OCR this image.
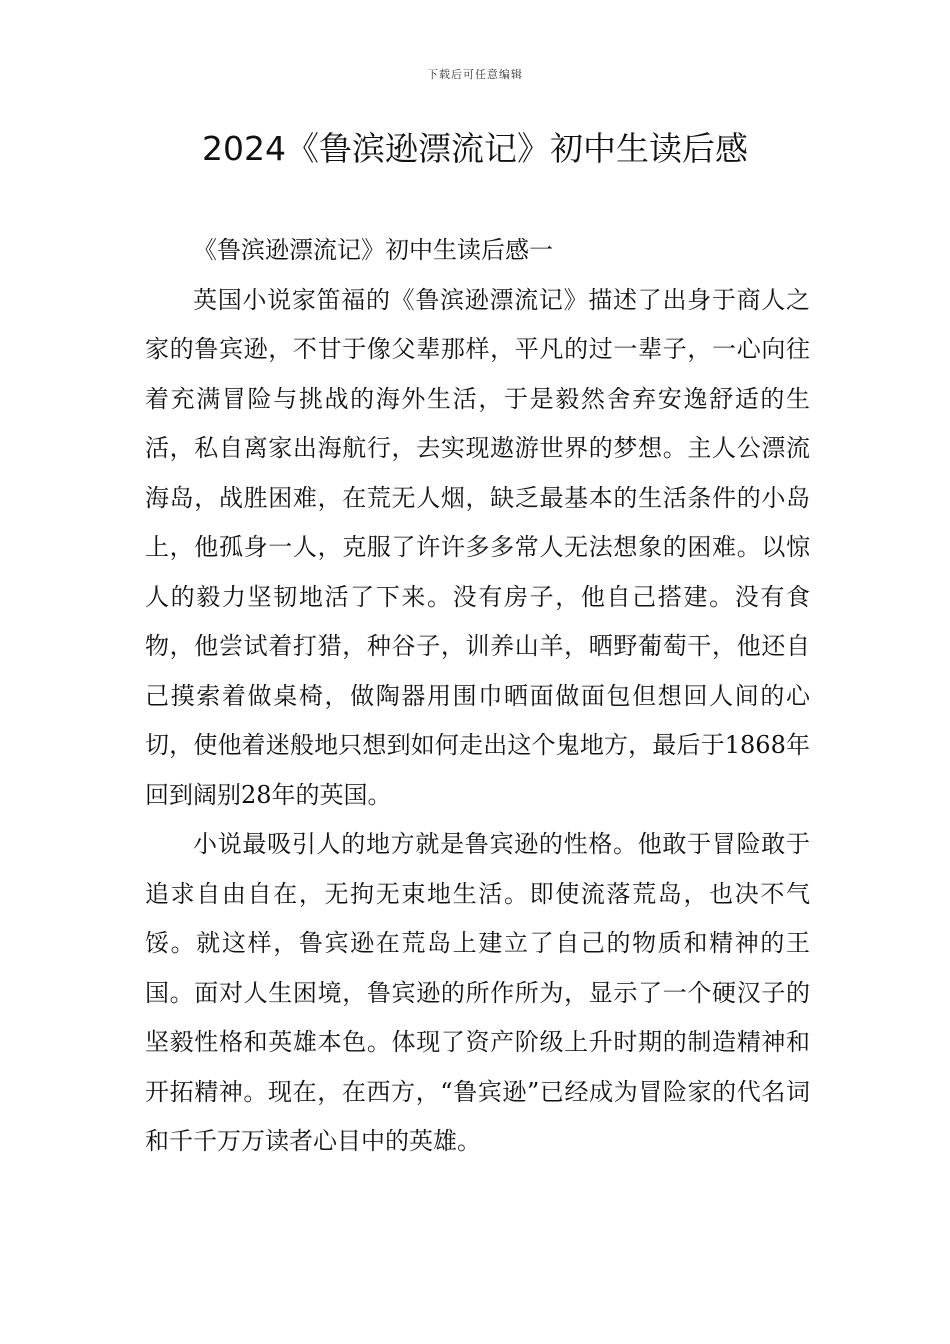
下载后可任意编辑
2024《鲁滨逊漂流记》初中生读后感

《鲁滨逊漂流记》初中生读后感一

英国小说家笛福的《鲁滨逊漂流记》描述了出身于商人之家的鲁宾逊，不甘于像父辈那样，平凡的过一辈子，一心向往着充满冒险与挑战的海外生活，于是毅然舍弃安逸舒适的生活，私自离家出海航行，去实现遨游世界的梦想。主人公漂流海岛，战胜困难，在荒无人烟，缺乏最基本的生活条件的小岛上，他孤身一人，克服了许许多多常人无法想象的困难。以惊人的毅力坚韧地活了下来。没有房子，他自己搭建。没有食物，他尝试着打猎，种谷子，训养山羊，晒野葡萄干，他还自己摸索着做桌椅，做陶器用围巾晒面做面包但想回人间的心切，使他着迷般地只想到如何走出这个鬼地方，最后于1868年回到阔别28年的英国。

小说最吸引人的地方就是鲁宾逊的性格。他敢于冒险敢于追求自由自在，无拘无束地生活。即使流落荒岛，也决不气馁。就这样，鲁宾逊在荒岛上建立了自己的物质和精神的王国。面对人生困境，鲁宾逊的所作所为，显示了一个硬汉子的坚毅性格和英雄本色。体现了资产阶级上升时期的制造精神和开拓精神。现在，在西方，“鲁宾逊”已经成为冒险家的代名词和千千万万读者心目中的英雄。
